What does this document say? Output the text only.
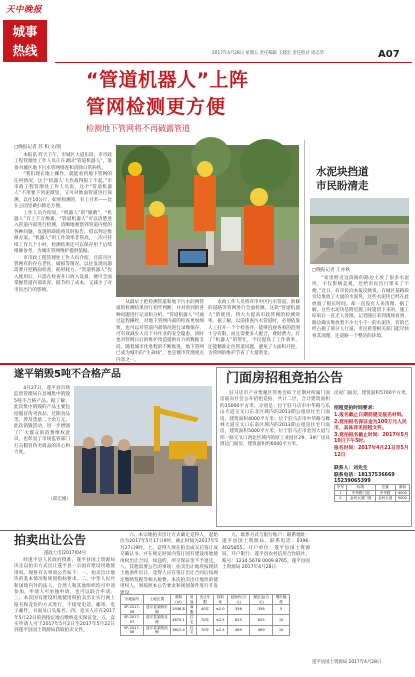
天中晚报
城事
热线	2017年4月28日 星期五 责任编辑 王晓宏 责任校对 周志华	A07
“管道机器人”上阵
管网检测更方便
检测地下管网将不再破露管道
□晚报记者 苏 和 文/图

本报讯 昨天下午，市城区大道东段，市市政工程管理处工作人员正在调试“管道机器人”，准备对城区地下污水管网排查和清除日常病疾。

“我们现在地上操作，就能看到地下管网的任何情况，这个‘机器人’大作战得很了不起。”市市政工程管理处工作人员说，这个“管道机器人”不用要下到泥潭里，又可对地面管道进行探测，以往10公斤，如果检测的，有上百米——比在公园里做扫除还方便。

工作人员介绍说，“机器人”的“眼睛”，“机器人”有上千万像素，“管道机器人”可以清楚进入管道内部进行检测，清晰地观察到管道内壁的各种问题，发现的缺陷将及时报告，借以判定维修方案。“机器人”的工作效率非常高，一次可持续工作几个小时。检测结果还可以保存用于后续维修参考，为城市管网维护提供依据。

市市政工程管理处工作人员介绍，目前市区管网有的存在老化、破损等情况，以往发现问题需要开挖路面检查，耗时耗力。“管道机器人”投入使用后，只需在检查井口放入设备，便可全面掌握管道内部状况，既节约了成本，又减少了对市民出行的影响。

从最早上把检测管道和地下污水的网管道的检测结果进行初步判断，并对看到的各种问题进行记录和分析。“管道机器人”可通过远程操控，对地下管网内部的检查更加细致，也可以对管道内部情况进行录像保存，可有效减少人员下井作业的安全隐患，同时也对管网日后的维护改造提供有力的数据支持。随着城市化进程的不断推进，地下管网已成为城市的“生命线”，也是城市管理重点内容之一。
市政工作人员将对市中区污水管道、新修的道路等管网进行全面检测。这款“管道机器人”的使用，将大大提高市政管网的检测效率。据了解，以前排查污水管道时，必须依靠人工打开一个个检查井，能够直观查看的范围十分有限，而且需要多人配合，费时费力。有了“机器人”的帮忙，不仅提高了工作效率，还能精准定位管道问题，避免了大面积开挖，为管网的维护节省了大量资金。
水泥块挡道
市民盼清走
□晚报记者 王亦秋
“家里附近这段路的路边上放了很多水泥块，不仅影响美观，还给市民出行带来了不便。”近日，有市民向本报反映说，在城区某路段旁边堆放了大量的水泥块，这些水泥块已经在此放置了很长时间，却一直没有人来清理。据了解，这些水泥块是附近施工时遗留下来的，施工结束后一直无人处理。记者随后来到现场看到，路边确实堆放着不少大小不一的水泥块，有的已经占据了部分人行道。市民希望相关部门能尽快将其清理，还道路一个整洁的环境。
遂平销毁5吨不合格产品
4月27日，遂平县市场监督管理局在县城集中销毁5吨不合格产品。据了解，此次集中销毁的产品主要包括假冒伪劣食品、过期食品等，涉及货值二十余万元。此次销毁活动，进一步增强了广大群众的消费维权意识，也彰显了市场监管部门打击假冒伪劣商品的决心和力度。
（郑宏刚）
门面房招租竞拍公告
驻马店市产业集聚区管委会拟于近期对所属门面房面向社会公开招租竞拍，共计二层，合计建筑面积约15000平方米。分别是：位于驻马店市中华路与乐山大道交叉口东北区域内的2013期公租房住宅门面房，建筑面积4000平方米；位于驻马店市中华路与橡林大道交叉口东南区域内的2013期公租房住宅门面房，建筑面积5000平方米；位于驻马店市金河大道与纬一路交叉口西北区域内的原工业园区2#、3#厂房及周边门面房，建筑面积约6000平方米。
房屋门面房，建筑面积5700平方米。
招租竞拍时间要求：
1.报名截止日期前提交报名材料。
2.竞拍报名保证金为100万元人民币，具体详见招租文件。
3.竞拍报名截止时间：2017年5月10日下午5时。
报名时间：2017年4月21日至5月12日
联系人：刘先生
联系电话：18137536669 15239065399
序号	标的	位置	面积
1	中华路门面	中华路	4000
2	金河大道门面	金河大道	5000
拍卖出让公告
遂政土出[2017]04号
经遂平县人民政府批准，遂平县国土资源局决定以拍卖方式出让遂平县一宗国有建设用地使用权。现将有关事项公告如下：一、拍卖出让地块的基本情况和规划指标要求。二、中华人民共和国境内外的法人、自然人和其他组织均可申请参加，申请人可单独申请，也可以联合申请。三、本次国有建设用地使用权拍卖出让实行网上报名和竞价的方式进行，不接受电话、邮寄、电子邮件、书面及口头报名。四、竞买人应在2017年5月22日前到指定地点缴纳竞买保证金。五、竞买申请人可于2017年5月2日至2017年5月22日到遂平县国土资源局获取拍卖文件。
六、本宗地拍卖出让方式确定竞得人，起始价为2017年5月17日9时，截止时间为2017年5月27日9时。七、竞得人须在拍卖成交后签订成交确认书，并在规定时间内签订国有建设用地使用权出让合同，如违约，所交保证金不予退还。八、其他需要公告的事项：拍卖出让地块按现状土地条件出让，竞得人应在签订出让合同后按规定缴纳契税等相关税费。本次拍卖出让地块的使用权人，须按照本公告要求和规划条件进行开发建设。
宗地编号	土地位置	面积(㎡)	用途	出让年限	容积率	起始价(万元)	保证金(万元)	增价幅度
SP-2017-06	遂平县某路东侧	2936.8	商服	40年	≤2.0	356	356	5
SP-2017-07	遂平县某路北侧	4870.1	住宅	70年	≤2.5	625	625	10
SP-2017-08	遂平县某路西侧	3812.4	住宅	70年	≤2.5	489	489	10
九、联系方式与银行账户：联系地址：遂平县国土资源局。联系电话：0396-4025855。开户单位：遂平县国土资源局。开户银行：遂平县农村信用合作联社。账号：1234 5678 0009 8765。遂平县国土资源局 2017年4月28日
遂平县国土资源局 2017年4月28日
